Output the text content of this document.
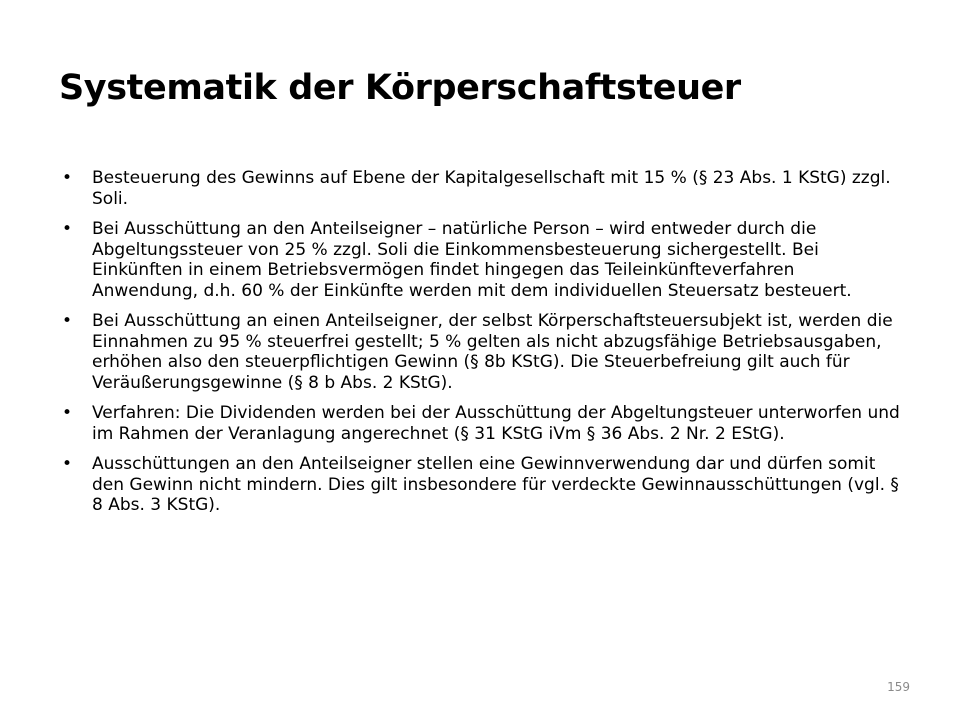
Systematik der Körperschaftsteuer
• Besteuerung des Gewinns auf Ebene der Kapitalgesellschaft mit 15 % (§ 23 Abs. 1 KStG) zzgl. Soli.
• Bei Ausschüttung an den Anteilseigner – natürliche Person – wird entweder durch die Abgeltungssteuer von 25 % zzgl. Soli die Einkommensbesteuerung sichergestellt. Bei Einkünften in einem Betriebsvermögen findet hingegen das Teileinkünfteverfahren Anwendung, d.h. 60 % der Einkünfte werden mit dem individuellen Steuersatz besteuert.
• Bei Ausschüttung an einen Anteilseigner, der selbst Körperschaftsteuersubjekt ist, werden die Einnahmen zu 95 % steuerfrei gestellt; 5 % gelten als nicht abzugsfähige Betriebsausgaben, erhöhen also den steuerpflichtigen Gewinn (§ 8b KStG). Die Steuerbefreiung gilt auch für Veräußerungsgewinne (§ 8 b Abs. 2 KStG).
• Verfahren: Die Dividenden werden bei der Ausschüttung der Abgeltungsteuer unterworfen und im Rahmen der Veranlagung angerechnet (§ 31 KStG iVm § 36 Abs. 2 Nr. 2 EStG).
• Ausschüttungen an den Anteilseigner stellen eine Gewinnverwendung dar und dürfen somit den Gewinn nicht mindern. Dies gilt insbesondere für verdeckte Gewinnausschüttungen (vgl. § 8 Abs. 3 KStG).
159
